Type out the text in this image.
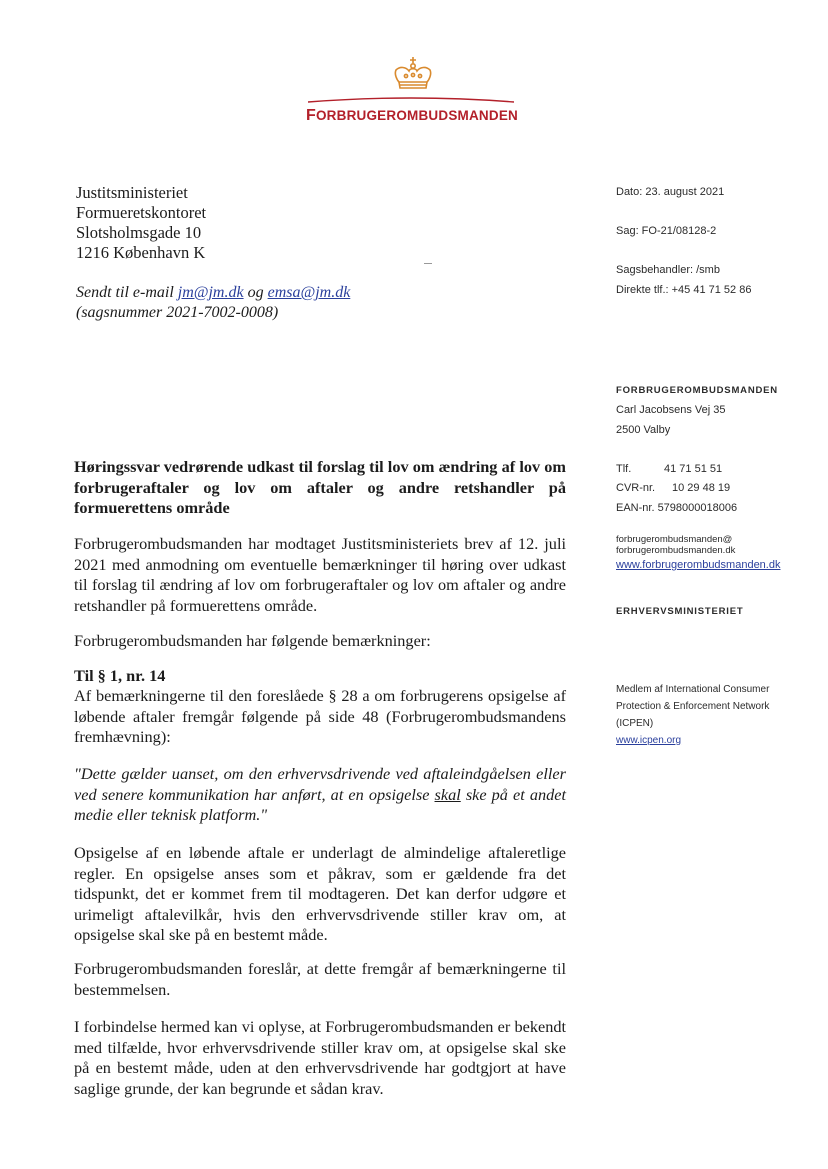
FORBRUGEROMBUDSMANDEN
Justitsministeriet
Formueretskontoret
Slotsholmsgade 10
1216 København K
Sendt til e-mail jm@jm.dk og emsa@jm.dk
(sagsnummer 2021-7002-0008)
Dato: 23. august 2021
Sag: FO-21/08128-2
Sagsbehandler: /smb
Direkte tlf.: +45 41 71 52 86
FORBRUGEROMBUDSMANDEN
Carl Jacobsens Vej 35
2500 Valby
Tlf.	41 71 51 51
CVR-nr. 10 29 48 19
EAN-nr. 5798000018006
forbrugerombudsmanden@
forbrugerombudsmanden.dk
www.forbrugerombudsmanden.dk
ERHVERVSMINISTERIET
Medlem af International Consumer
Protection & Enforcement Network
(ICPEN)
www.icpen.org
Høringssvar vedrørende udkast til forslag til lov om ændring af lov om forbrugeraftaler og lov om aftaler og andre retshandler på formuerettens område
Forbrugerombudsmanden har modtaget Justitsministeriets brev af 12. juli 2021 med anmodning om eventuelle bemærkninger til høring over udkast til forslag til ændring af lov om forbrugeraftaler og lov om aftaler og andre retshandler på formuerettens område.
Forbrugerombudsmanden har følgende bemærkninger:
Til § 1, nr. 14
Af bemærkningerne til den foreslåede § 28 a om forbrugerens opsigelse af løbende aftaler fremgår følgende på side 48 (Forbrugerombudsmandens fremhævning):
"Dette gælder uanset, om den erhvervsdrivende ved aftaleindgåelsen eller ved senere kommunikation har anført, at en opsigelse skal ske på et andet medie eller teknisk platform."
Opsigelse af en løbende aftale er underlagt de almindelige aftaleretlige regler. En opsigelse anses som et påkrav, som er gældende fra det tidspunkt, det er kommet frem til modtageren. Det kan derfor udgøre et urimeligt aftalevilkår, hvis den erhvervsdrivende stiller krav om, at opsigelse skal ske på en bestemt måde.
Forbrugerombudsmanden foreslår, at dette fremgår af bemærkningerne til bestemmelsen.
I forbindelse hermed kan vi oplyse, at Forbrugerombudsmanden er bekendt med tilfælde, hvor erhvervsdrivende stiller krav om, at opsigelse skal ske på en bestemt måde, uden at den erhvervsdrivende har godtgjort at have saglige grunde, der kan begrunde et sådan krav.
